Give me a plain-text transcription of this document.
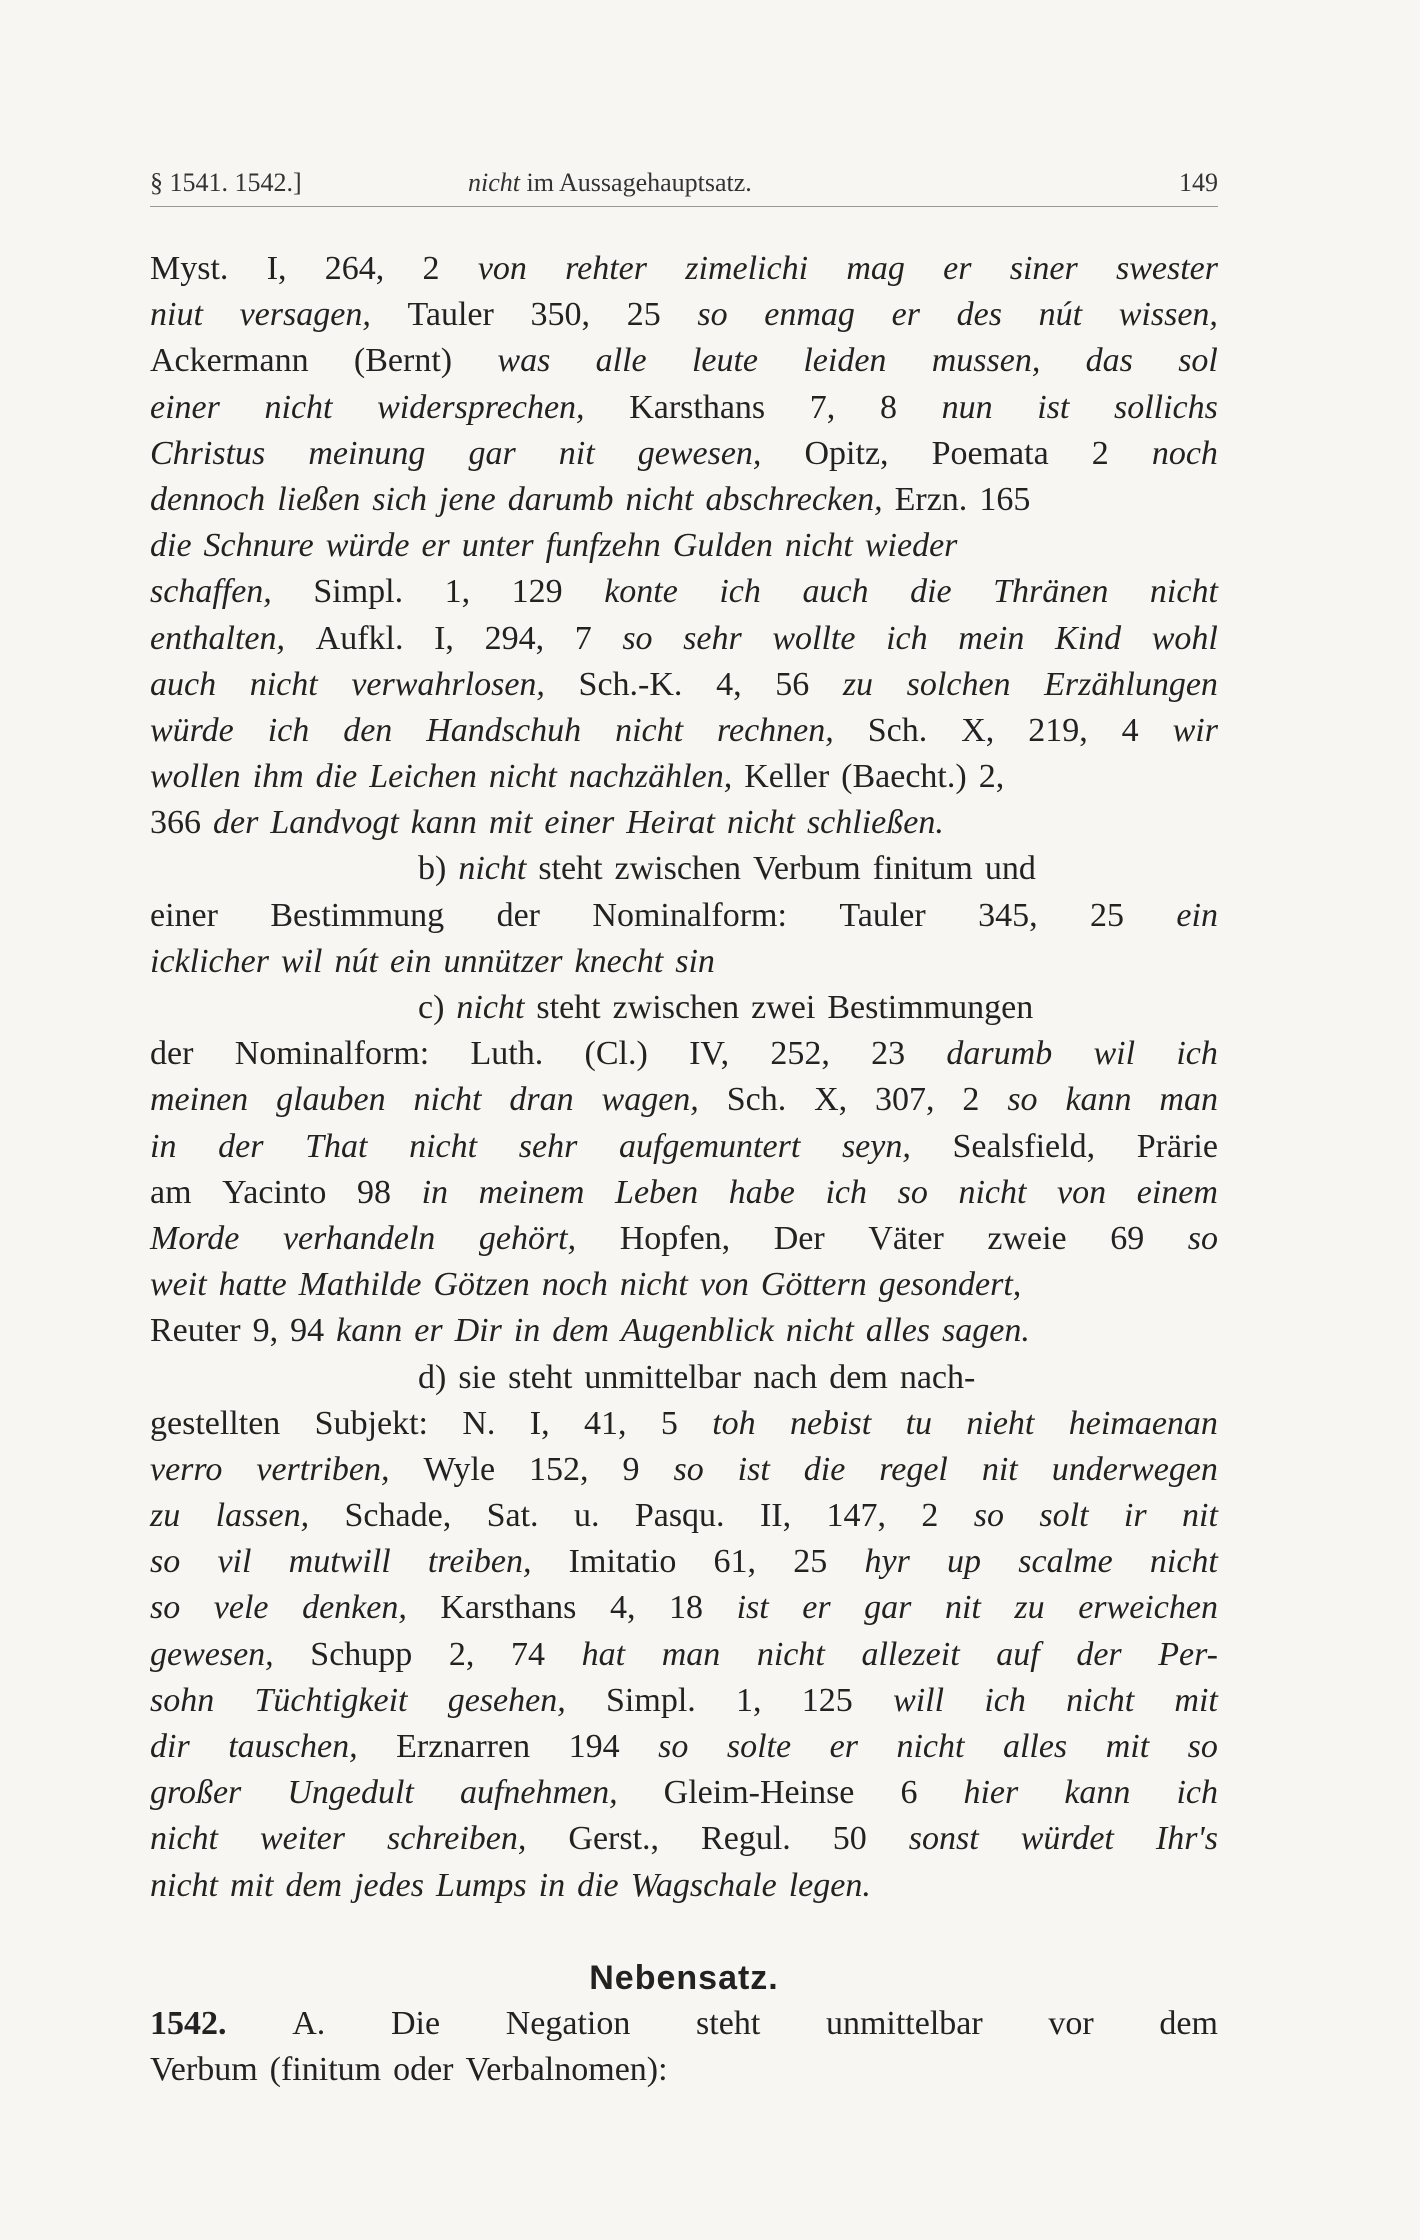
§ 1541. 1542.]	nicht im Aussagehauptsatz.	149
Myst. I, 264, 2 von rehter zimelichi mag er siner swester
niut versagen, Tauler 350, 25 so enmag er des nút wissen,
Ackermann (Bernt) was alle leute leiden mussen, das sol
einer nicht widersprechen, Karsthans 7, 8 nun ist sollichs
Christus meinung gar nit gewesen, Opitz, Poemata 2 noch
dennoch ließen sich jene darumb nicht abschrecken, Erzn. 165
die Schnure würde er unter funfzehn Gulden nicht wieder
schaffen, Simpl. 1, 129 konte ich auch die Thränen nicht
enthalten, Aufkl. I, 294, 7 so sehr wollte ich mein Kind wohl
auch nicht verwahrlosen, Sch.-K. 4, 56 zu solchen Erzählungen
würde ich den Handschuh nicht rechnen, Sch. X, 219, 4 wir
wollen ihm die Leichen nicht nachzählen, Keller (Baecht.) 2,
366 der Landvogt kann mit einer Heirat nicht schließen.
b) nicht steht zwischen Verbum finitum und
einer Bestimmung der Nominalform: Tauler 345, 25 ein
icklicher wil nút ein unnützer knecht sin
c) nicht steht zwischen zwei Bestimmungen
der Nominalform: Luth. (Cl.) IV, 252, 23 darumb wil ich
meinen glauben nicht dran wagen, Sch. X, 307, 2 so kann man
in der That nicht sehr aufgemuntert seyn, Sealsfield, Prärie
am Yacinto 98 in meinem Leben habe ich so nicht von einem
Morde verhandeln gehört, Hopfen, Der Väter zweie 69 so
weit hatte Mathilde Götzen noch nicht von Göttern gesondert,
Reuter 9, 94 kann er Dir in dem Augenblick nicht alles sagen.
d) sie steht unmittelbar nach dem nach-
gestellten Subjekt: N. I, 41, 5 toh nebist tu nieht heimaenan
verro vertriben, Wyle 152, 9 so ist die regel nit underwegen
zu lassen, Schade, Sat. u. Pasqu. II, 147, 2 so solt ir nit
so vil mutwill treiben, Imitatio 61, 25 hyr up scalme nicht
so vele denken, Karsthans 4, 18 ist er gar nit zu erweichen
gewesen, Schupp 2, 74 hat man nicht allezeit auf der Per-
sohn Tüchtigkeit gesehen, Simpl. 1, 125 will ich nicht mit
dir tauschen, Erznarren 194 so solte er nicht alles mit so
großer Ungedult aufnehmen, Gleim-Heinse 6 hier kann ich
nicht weiter schreiben, Gerst., Regul. 50 sonst würdet Ihr's
nicht mit dem jedes Lumps in die Wagschale legen.
Nebensatz.
1542. A. Die Negation steht unmittelbar vor dem
Verbum (finitum oder Verbalnomen):
